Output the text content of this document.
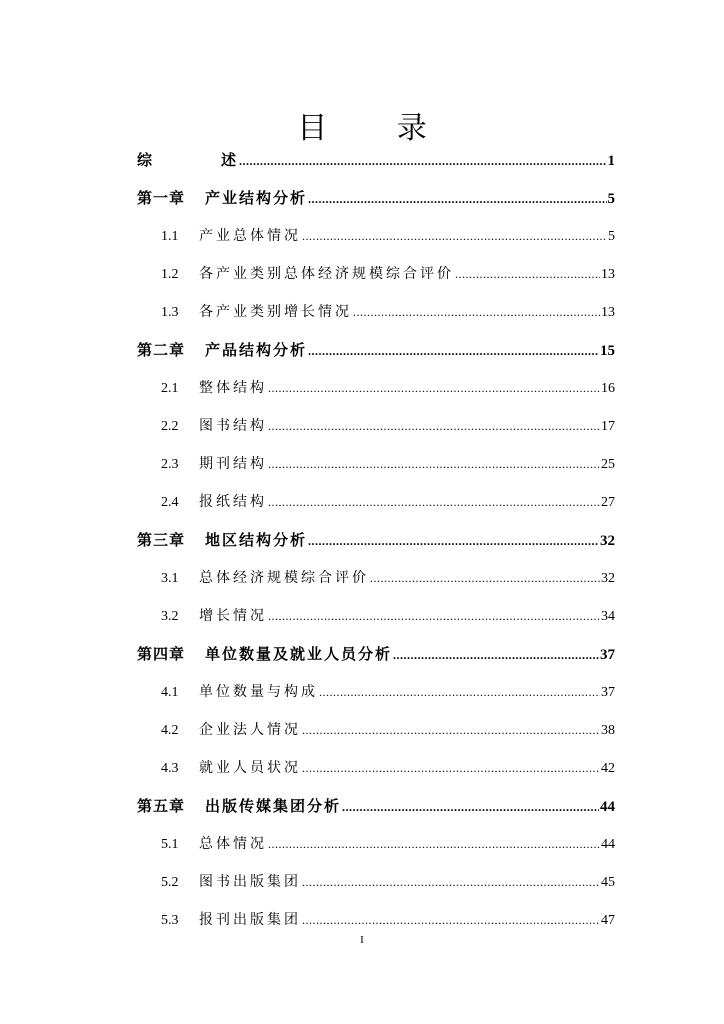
目 录
综	述 .....	1
第一章	产业结构分析 .....	5
1.1	产业总体情况 .....	5
1.2	各产业类别总体经济规模综合评价 .....	13
1.3	各产业类别增长情况 .....	13
第二章	产品结构分析 .....	15
2.1	整体结构 .....	16
2.2	图书结构 .....	17
2.3	期刊结构 .....	25
2.4	报纸结构 .....	27
第三章	地区结构分析 .....	32
3.1	总体经济规模综合评价 .....	32
3.2	增长情况 .....	34
第四章	单位数量及就业人员分析 .....	37
4.1	单位数量与构成 .....	37
4.2	企业法人情况 .....	38
4.3	就业人员状况 .....	42
第五章	出版传媒集团分析 .....	44
5.1	总体情况 .....	44
5.2	图书出版集团 .....	45
5.3	报刊出版集团 .....	47
I
